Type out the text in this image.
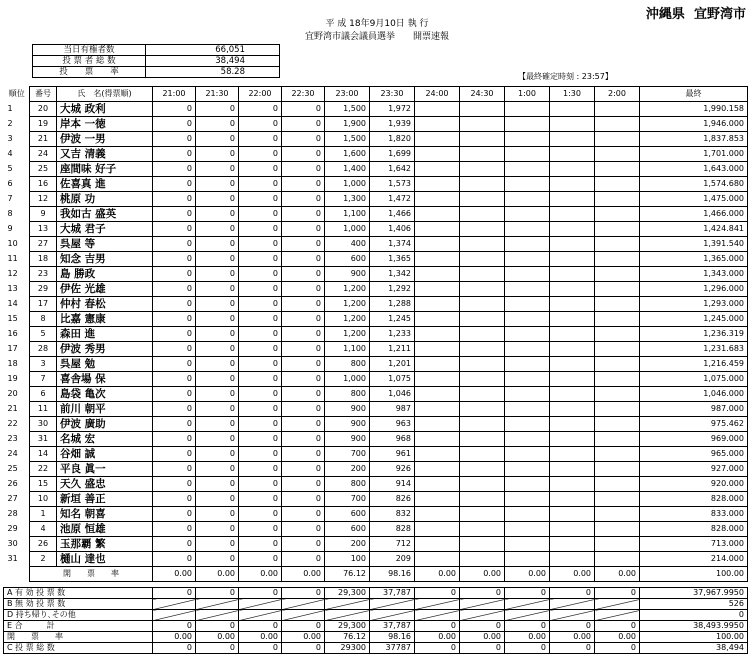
沖縄県 宜野湾市
平 成 18年9月10日 執 行
宜野湾市議会議員選挙　　開票速報
当日有権者数	66,051
投 票 者 総 数	38,494
投　　票　　率	58.28	【最終確定時刻 : 23:57】
順位	番号	氏　名(得票順)	21:00	21:30	22:00	22:30	23:00	23:30	24:00	24:30	1:00	1:30	2:00	最終
1	20	大城 政利	0	0	0	0	1,500	1,972						1,990.158
2	19	岸本 一徳	0	0	0	0	1,900	1,939						1,946.000
3	21	伊波 一男	0	0	0	0	1,500	1,820						1,837.853
4	24	又吉 清義	0	0	0	0	1,600	1,699						1,701.000
5	25	座間味 好子	0	0	0	0	1,400	1,642						1,643.000
6	16	佐喜真 進	0	0	0	0	1,000	1,573						1,574.680
7	12	桃原 功	0	0	0	0	1,300	1,472						1,475.000
8	9	我如古 盛英	0	0	0	0	1,100	1,466						1,466.000
9	13	大城 君子	0	0	0	0	1,000	1,406						1,424.841
10	27	呉屋 等	0	0	0	0	400	1,374						1,391.540
11	18	知念 吉男	0	0	0	0	600	1,365						1,365.000
12	23	島 勝政	0	0	0	0	900	1,342						1,343.000
13	29	伊佐 光雄	0	0	0	0	1,200	1,292						1,296.000
14	17	仲村 春松	0	0	0	0	1,200	1,288						1,293.000
15	8	比嘉 憲康	0	0	0	0	1,200	1,245						1,245.000
16	5	森田 進	0	0	0	0	1,200	1,233						1,236.319
17	28	伊波 秀男	0	0	0	0	1,100	1,211						1,231.683
18	3	呉屋 勉	0	0	0	0	800	1,201						1,216.459
19	7	喜舎場 保	0	0	0	0	1,000	1,075						1,075.000
20	6	島袋 亀次	0	0	0	0	800	1,046						1,046.000
21	11	前川 朝平	0	0	0	0	900	987						987.000
22	30	伊波 廣助	0	0	0	0	900	963						975.462
23	31	名城 宏	0	0	0	0	900	968						969.000
24	14	谷畑 誠	0	0	0	0	700	961						965.000
25	22	平良 眞一	0	0	0	0	200	926						927.000
26	15	天久 盛忠	0	0	0	0	800	914						920.000
27	10	新垣 善正	0	0	0	0	700	826						828.000
28	1	知名 朝喜	0	0	0	0	600	832						833.000
29	4	池原 恒雄	0	0	0	0	600	828						828.000
30	26	玉那覇 繁	0	0	0	0	200	712						713.000
31	2	樋山 達也	0	0	0	0	100	209						214.000
	開　　票　　率		0.00	0.00	0.00	0.00	76.12	98.16	0.00	0.00	0.00	0.00	0.00	100.00

A 有 効 投 票 数			0	0	0	0	29,300	37,787	0	0	0	0	0	37,967.9950
B 無 効 投 票 数														526
D 持ち帰り､その他														0
E 合　　　計			0	0	0	0	29,300	37,787	0	0	0	0	0	38,493.9950
開　　票　　率			0.00	0.00	0.00	0.00	76.12	98.16	0.00	0.00	0.00	0.00	0.00	100.00
C 投 票 総 数			0	0	0	0	29300	37787	0	0	0	0	0	38,494
